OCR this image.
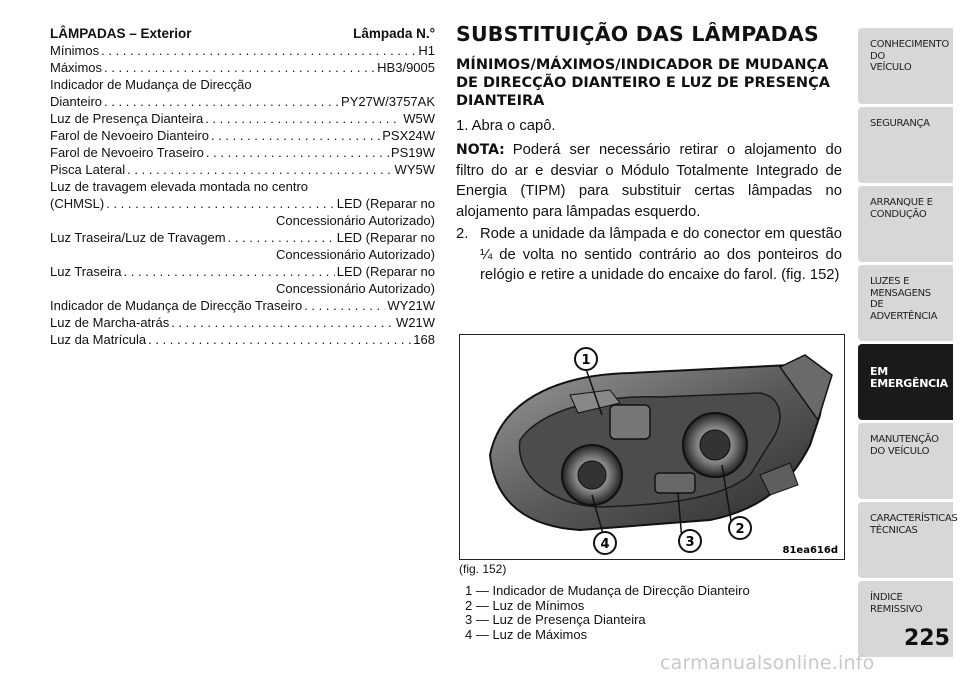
LÂMPADAS – Exterior	Lâmpada N.°
Mínimos . . .	H1
Máximos . . .	HB3/9005
Indicador de Mudança de Direcção
Dianteiro . . .	PY27W/3757AK
Luz de Presença Dianteira . . .	W5W
Farol de Nevoeiro Dianteiro . . .	PSX24W
Farol de Nevoeiro Traseiro . . .	PS19W
Pisca Lateral . . .	WY5W
Luz de travagem elevada montada no centro
(CHMSL) . . .	LED (Reparar no
Concessionário Autorizado)
Luz Traseira/Luz de Travagem . . .	LED (Reparar no
Concessionário Autorizado)
Luz Traseira . . .	LED (Reparar no
Concessionário Autorizado)
Indicador de Mudança de Direcção Traseiro . . .	WY21W
Luz de Marcha-atrás . . .	W21W
Luz da Matrícula . . .	168
SUBSTITUIÇÃO DAS LÂMPADAS
MÍNIMOS/MÁXIMOS/INDICADOR DE MUDANÇA DE DIRECÇÃO DIANTEIRO E LUZ DE PRESENÇA DIANTEIRA
1. Abra o capô.

NOTA: Poderá ser necessário retirar o alojamento do filtro do ar e desviar o Módulo Totalmente Integrado de Energia (TIPM) para substituir certas lâmpadas no alojamento para lâmpadas esquerdo.

2. Rode a unidade da lâmpada e do conector em questão ¼ de volta no sentido contrário ao dos ponteiros do relógio e retire a unidade do encaixe do farol. (fig. 152)
1
2
3
4	81ea616d
(fig. 152)
1 — Indicador de Mudança de Direcção Dianteiro
2 — Luz de Mínimos
3 — Luz de Presença Dianteira
4 — Luz de Máximos
CONHECIMENTO
DO
VEÍCULO
SEGURANÇA
ARRANQUE E
CONDUÇÃO
LUZES E
MENSAGENS
DE
ADVERTÊNCIA
EM
EMERGÊNCIA
MANUTENÇÃO
DO VEÍCULO
CARACTERÍSTICAS
TÉCNICAS
ÍNDICE
REMISSIVO
225
carmanualsonline.info
